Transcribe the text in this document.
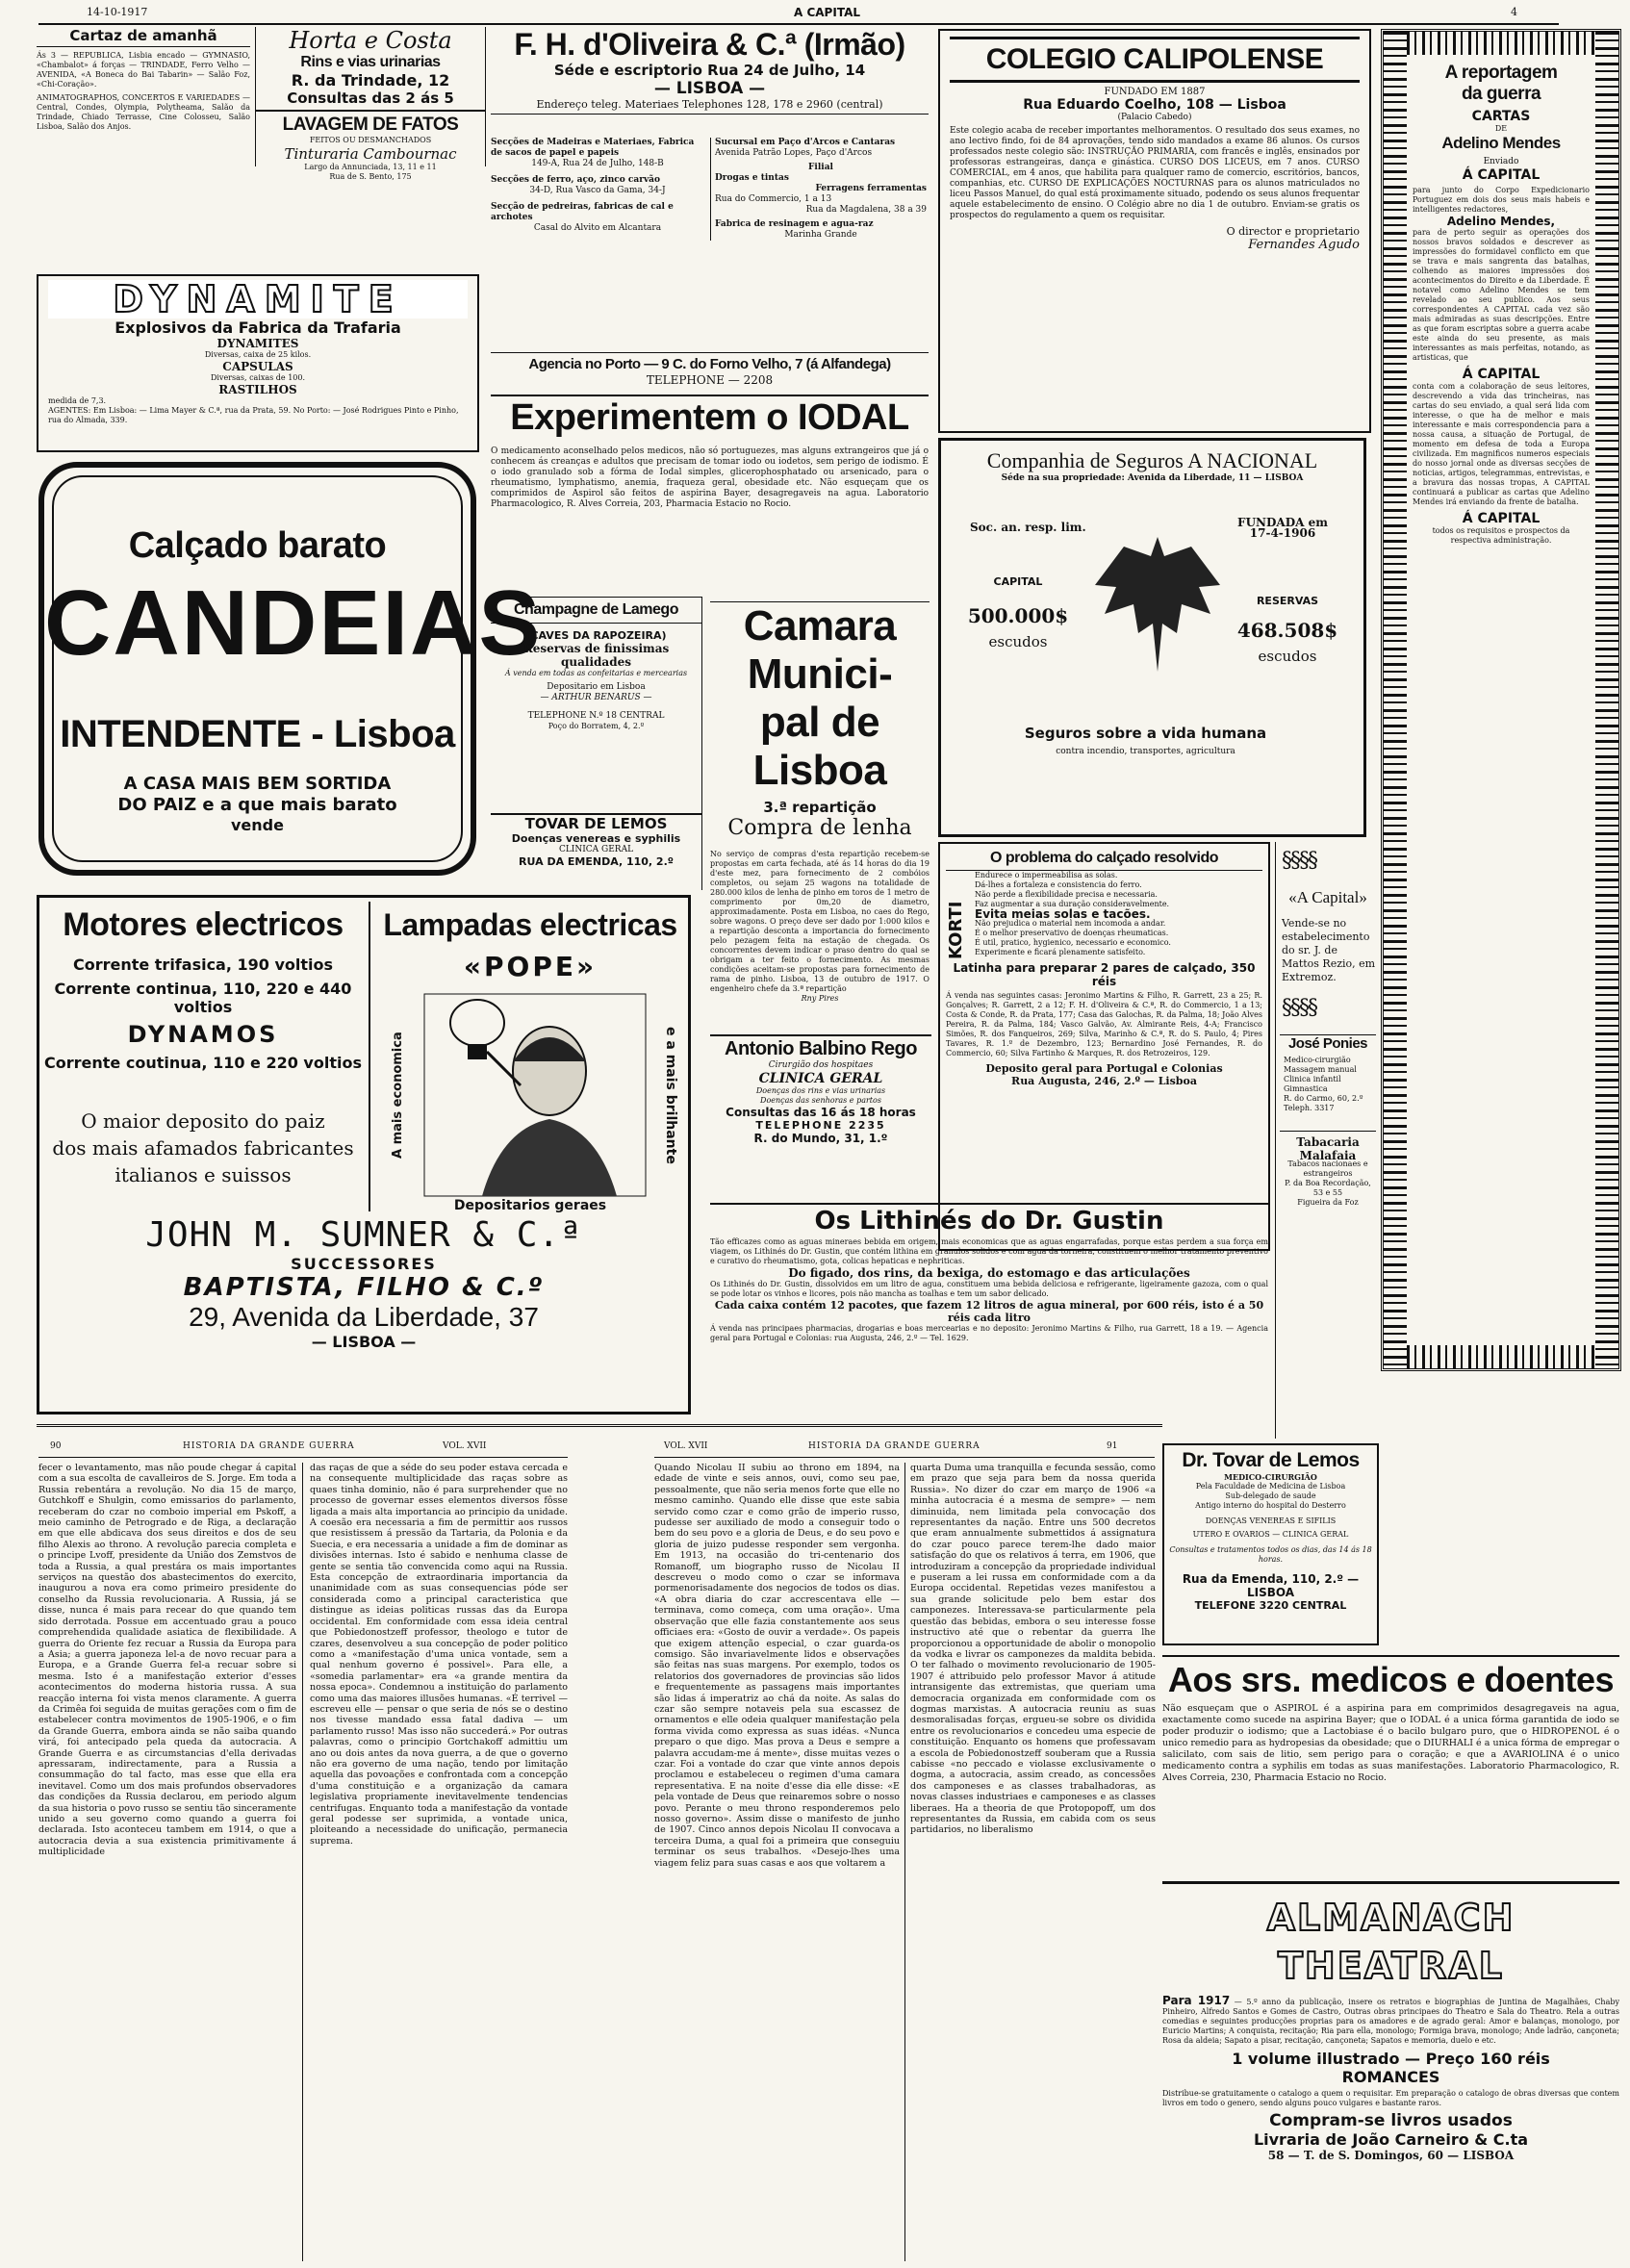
14-10-1917	A CAPITAL	4
Cartaz de amanhã

Ás 3 — REPUBLICA, Lisbia encado — GYMNASIO, «Chambalot» á forças — TRINDADE, Ferro Velho — AVENIDA, «A Boneca do Bai Tabarin» — Salão Foz, «Chi-Coração».

ANIMATOGRAPHOS, CONCERTOS E VARIEDADES — Central, Condes, Olympia, Polytheama, Salão da Trindade, Chiado Terrasse, Cine Colosseu, Salão Lisboa, Salão dos Anjos.

Horta e Costa
Rins e vias urinarias
R. da Trindade, 12
Consultas das 2 ás 5
LAVAGEM DE FATOS
FEITOS OU DESMANCHADOS
Tinturaria Cambournac
Largo da Annunciada, 13, 11 e 11
Rua de S. Bento, 175
F. H. d'Oliveira & C.ª (Irmão)
Séde e escriptorio Rua 24 de Julho, 14
— LISBOA —
Endereço teleg. Materiaes Telephones 128, 178 e 2960 (central)

Secções de Madeiras e Materiaes, Fabrica de sacos de papel e papeis

149-A, Rua 24 de Julho, 148-B

Secções de ferro, aço, zinco carvão

34-D, Rua Vasco da Gama, 34-J

Secção de pedreiras, fabricas de cal e archotes

Casal do Alvito em Alcantara

Sucursal em Paço d'Arcos e Cantaras

Avenida Patrão Lopes, Paço d'Arcos

Filial

Drogas e tintas

Ferragens ferramentas

Rua do Commercio, 1 a 13

Rua da Magdalena, 38 a 39

Fabrica de resinagem e agua-raz

Marinha Grande

Agencia no Porto — 9 C. do Forno Velho, 7 (á Alfandega)
TELEPHONE — 2208
Experimentem o IODAL

O medicamento aconselhado pelos medicos, não só portuguezes, mas alguns extrangeiros que já o conhecem ás creanças e adultos que precisam de tomar iodo ou iodetos, sem perigo de iodismo. É o iodo granulado sob a fórma de Iodal simples, glicerophosphatado ou arsenicado, para o rheumatismo, lymphatismo, anemia, fraqueza geral, obesidade etc. Não esqueçam que os comprimidos de Aspirol são feitos de aspirina Bayer, desagregaveis na agua. Laboratorio Pharmacologico, R. Alves Correia, 203, Pharmacia Estacio no Rocio.

COLEGIO CALIPOLENSE
FUNDADO EM 1887
Rua Eduardo Coelho, 108 — Lisboa
(Palacio Cabedo)

Este colegio acaba de receber importantes melhoramentos. O resultado dos seus exames, no ano lectivo findo, foi de 84 aprovações, tendo sido mandados a exame 86 alunos. Os cursos professados neste colegio são: INSTRUÇÃO PRIMARIA, com francês e inglês, ensinados por professoras estrangeiras, dança e ginástica. CURSO DOS LICEUS, em 7 anos. CURSO COMERCIAL, em 4 anos, que habilita para qualquer ramo de comercio, escritórios, bancos, companhias, etc. CURSO DE EXPLICAÇÕES NOCTURNAS para os alunos matriculados no liceu Passos Manuel, do qual está proximamente situado, podendo os seus alunos frequentar aquele estabelecimento de ensino. O Colégio abre no dia 1 de outubro. Enviam-se gratis os prospectos do regulamento a quem os requisitar.

O director e proprietario
Fernandes Agudo
DYNAMITE
Explosivos da Fabrica da Trafaria
DYNAMITES
Diversas, caixa de 25 kilos.
CAPSULAS
Diversas, caixas de 100.
RASTILHOS
medida de 7,3.
AGENTES: Em Lisboa: — Lima Mayer & C.ª, rua da Prata, 59. No Porto: — José Rodrigues Pinto e Pinho, rua do Almada, 339.
Calçado barato
CANDEIAS
INTENDENTE - Lisboa
A CASA MAIS BEM SORTIDA
DO PAIZ e a que mais barato
vende
Champagne de Lamego
(CAVES DA RAPOZEIRA)
Reservas de finissimas qualidades
Á venda em todas as confeitarias e mercearias
Depositario em Lisboa
— ARTHUR BENARUS —
TELEPHONE N.º 18 CENTRAL
Poço do Borratem, 4, 2.º
TOVAR DE LEMOS
Doenças venereas e syphilis
CLINICA GERAL
RUA DA EMENDA, 110, 2.º
Camara Munici-
pal de Lisboa
3.ª repartição
Compra de lenha

No serviço de compras d'esta repartição recebem-se propostas em carta fechada, até ás 14 horas do dia 19 d'este mez, para fornecimento de 2 combóios completos, ou sejam 25 wagons na totalidade de 280.000 kilos de lenha de pinho em toros de 1 metro de comprimento por 0m,20 de diametro, approximadamente. Posta em Lisboa, no caes do Rego, sobre wagons. O preço deve ser dado por 1:000 kilos e a repartição desconta a importancia do fornecimento pelo pezagem feita na estação de chegada. Os concorrentes devem indicar o praso dentro do qual se obrigam a ter feito o fornecimento. As mesmas condições aceitam-se propostas para fornecimento de rama de pinho. Lisboa, 13 de outubro de 1917. O engenheiro chefe da 3.ª repartição

Rny Pires
Companhia de Seguros A NACIONAL
Séde na sua propriedade: Avenida da Liberdade, 11 — LISBOA
Soc. an. resp. lim.	FUNDADA em 17-4-1906
CAPITAL
500.000$
escudos
RESERVAS
468.508$
escudos
Seguros sobre a vida humana
contra incendio, transportes, agricultura
O problema do calçado resolvido
KORTI
Endurece o impermeabilisa as solas.
Dá-lhes a fortaleza e consistencia do ferro.
Não perde a flexibilidade precisa e necessaria.
Faz augmentar a sua duração consideravelmente.
Evita meias solas e tacões.
Não prejudica o material nem incomoda a andar.
É o melhor preservativo de doenças rheumaticas.
É util, pratico, hygienico, necessario e economico.
Experimente e ficará plenamente satisfeito.
Latinha para preparar 2 pares de calçado, 350 réis

Á venda nas seguintes casas: Jeronimo Martins & Filho, R. Garrett, 23 a 25; R. Gonçalves; R. Garrett, 2 a 12; F. H. d'Oliveira & C.ª, R. do Commercio, 1 a 13; Costa & Conde, R. da Prata, 177; Casa das Galochas, R. da Palma, 18; João Alves Pereira, R. da Palma, 184; Vasco Galvão, Av. Almirante Reis, 4-A; Francisco Simões, R. dos Fanqueiros, 269; Silva, Marinho & C.ª, R. do S. Paulo, 4; Pires Tavares, R. 1.º de Dezembro, 123; Bernardino José Fernandes, R. do Commercio, 60; Silva Fartinho & Marques, R. dos Retrozeiros, 129.

Deposito geral para Portugal e Colonias
Rua Augusta, 246, 2.º — Lisboa
§§§§
«A Capital»
Vende-se no estabelecimento do sr. J. de Mattos Rezio, em Extremoz.
§§§§
José Ponies
Medico-cirurgião
Massagem manual
Clinica infantil
Gimnastica
R. do Carmo, 60, 2.º
Teleph. 3317
Tabacaria Malafaia
Tabacos nacionaes e estrangeiros
P. da Boa Recordação, 53 e 55
Figueira da Foz
A reportagem
da guerra
CARTAS
DE
Adelino Mendes
Enviado
Á CAPITAL

para junto do Corpo Expedicionario Portuguez em dois dos seus mais habeis e intelligentes redactores,

Adelino Mendes,

para de perto seguir as operações dos nossos bravos soldados e descrever as impressões do formidavel conflicto em que se trava e mais sangrenta das batalhas, colhendo as maiores impressões dos acontecimentos do Direito e da Liberdade. É notavel como Adelino Mendes se tem revelado ao seu publico. Aos seus correspondentes A CAPITAL cada vez são mais admiradas as suas descripções. Entre as que foram escriptas sobre a guerra acabe este ainda do seu presente, as mais interessantes as mais perfeitas, notando, as artisticas, que

Á CAPITAL

conta com a colaboração de seus leitores, descrevendo a vida das trincheiras, nas cartas do seu enviado, a qual será lida com interesse, o que ha de melhor e mais interessante e mais correspondencia para a nossa causa, a situação de Portugal, de momento em defesa de toda a Europa civilizada. Em magnificos numeros especiais do nosso jornal onde as diversas secções de noticias, artigos, telegrammas, entrevistas, e a bravura das nossas tropas, A CAPITAL continuará a publicar as cartas que Adelino Mendes irá enviando da frente de batalha.

Á CAPITAL

todos os requisitos e prospectos da respectiva administração.

Motores electricos
Corrente trifasica, 190 voltios
Corrente continua, 110, 220 e 440 voltios
DYNAMOS
Corrente coutinua, 110 e 220 voltios
O maior deposito do paiz
dos mais afamados fabricantes
italianos e suissos
Lampadas electricas
«POPE»
A mais economica	e a mais brilhante
Depositarios geraes
JOHN M. SUMNER & C.ª
SUCCESSORES
BAPTISTA, FILHO & C.º
29, Avenida da Liberdade, 37
— LISBOA —
Antonio Balbino Rego
Cirurgião dos hospitaes
CLINICA GERAL
Doenças dos rins e vias urinarias
Doenças das senhoras e partos
Consultas das 16 ás 18 horas
TELEPHONE 2235
R. do Mundo, 31, 1.º
Os Lithinés do Dr. Gustin

Tão efficazes como as aguas mineraes bebida em origem, mais economicas que as aguas engarrafadas, porque estas perdem a sua força em viagem, os Lithinés do Dr. Gustin, que contém lithina em granulos solidos e com agua da torneira, constituem o melhor tratamento preventivo e curativo do rheumatismo, gota, colicas hepaticas e nephriticas.

Do figado, dos rins, da bexiga, do estomago e das articulações

Os Lithinés do Dr. Gustin, dissolvidos em um litro de agua, constituem uma bebida deliciosa e refrigerante, ligeiramente gazoza, com o qual se pode lotar os vinhos e licores, pois não mancha as toalhas e tem um sabor delicado.

Cada caixa contém 12 pacotes, que fazem 12 litros de agua mineral, por 600 réis, isto é a 50 réis cada litro

Á venda nas principaes pharmacias, drogarias e boas mercearias e no deposito: Jeronimo Martins & Filho, rua Garrett, 18 a 19. — Agencia geral para Portugal e Colonias: rua Augusta, 246, 2.º — Tel. 1629.

90	HISTORIA DA GRANDE GUERRA	VOL. XVII

fecer o levantamento, mas não poude chegar á capital com a sua escolta de cavalleiros de S. Jorge. Em toda a Russia rebentára a revolução. No dia 15 de março, Gutchkoff e Shulgin, como emissarios do parlamento, receberam do czar no comboio imperial em Pskoff, a meio caminho de Petrogrado e de Riga, a declaração em que elle abdicava dos seus direitos e dos de seu filho Alexis ao throno. A revolução parecia completa e o principe Lvoff, presidente da União dos Zemstvos de toda a Russia, a qual prestára os mais importantes serviços na questão dos abastecimentos do exercito, inaugurou a nova era como primeiro presidente do conselho da Russia revolucionaria. A Russia, já se disse, nunca é mais para recear do que quando tem sido derrotada. Possue em accentuado grau a pouco comprehendida qualidade asiatica de flexibilidade. A guerra do Oriente fez recuar a Russia da Europa para a Asia; a guerra japoneza lel-a de novo recuar para a Europa, e a Grande Guerra fel-a recuar sobre si mesma. Isto é a manifestação exterior d'esses acontecimentos do moderna historia russa. A sua reacção interna foi vista menos claramente. A guerra da Crimêa foi seguida de muitas gerações com o fim de estabelecer contra movimentos de 1905-1906, e o fim da Grande Guerra, embora ainda se não saiba quando virá, foi antecipado pela queda da autocracia. A Grande Guerra e as circumstancias d'ella derivadas apressaram, indirectamente, para a Russia a consummação do tal facto, mas esse que ella era inevitavel. Como um dos mais profundos observadores das condições da Russia declarou, em periodo algum da sua historia o povo russo se sentiu tão sinceramente unido a seu governo como quando a guerra foi declarada. Isto aconteceu tambem em 1914, o que a autocracia devia a sua existencia primitivamente á multiplicidade

das raças de que a séde do seu poder estava cercada e na consequente multiplicidade das raças sobre as quaes tinha dominio, não é para surprehender que no processo de governar esses elementos diversos fôsse ligada a mais alta importancia ao principio da unidade. A coesão era necessaria a fim de permittir aos russos que resistissem á pressão da Tartaria, da Polonia e da Suecia, e era necessaria a unidade a fim de dominar as divisões internas. Isto é sabido e nenhuma classe de gente se sentia tão convencida como aqui na Russia. Esta concepção de extraordinaria importancia da unanimidade com as suas consequencias póde ser considerada como a principal caracteristica que distingue as ideias politicas russas das da Europa occidental. Em conformidade com essa ideia central que Pobiedonostzeff professor, theologo e tutor de czares, desenvolveu a sua concepção de poder politico como a «manifestação d'uma unica vontade, sem a qual nenhum governo é possivel». Para elle, a «somedia parlamentar» era «a grande mentira da nossa epoca». Condemnou a instituição do parlamento como uma das maiores illusões humanas. «É terrivel — escreveu elle — pensar o que seria de nós se o destino nos tivesse mandado essa fatal dadiva — um parlamento russo! Mas isso não succederá.» Por outras palavras, como o principio Gortchakoff admittiu um ano ou dois antes da nova guerra, a de que o governo não era governo de uma nação, tendo por limitação aquella das povoações e confrontada com a concepção d'uma constituição e a organização da camara legislativa propriamente inevitavelmente tendencias centrifugas. Enquanto toda a manifestação da vontade geral podesse ser suprimida, a vontade unica, ploiteando a necessidade do unificação, permanecia suprema.

VOL. XVII	HISTORIA DA GRANDE GUERRA	91

Quando Nicolau II subiu ao throno em 1894, na edade de vinte e seis annos, ouvi, como seu pae, pessoalmente, que não seria menos forte que elle no mesmo caminho. Quando elle disse que este sabia servido como czar e como grão de imperio russo, pudesse ser auxiliado de modo a conseguir todo o bem do seu povo e a gloria de Deus, e do seu povo e gloria de juizo pudesse responder sem vergonha. Em 1913, na occasião do tri-centenario dos Romanoff, um biographo russo de Nicolau II descreveu o modo como o czar se informava pormenorisadamente dos negocios de todos os dias. «A obra diaria do czar accrescentava elle — terminava, como começa, com uma oração». Uma observação que elle fazia constantemente aos seus officiaes era: «Gosto de ouvir a verdade». Os papeis que exigem attenção especial, o czar guarda-os comsigo. São invariavelmente lidos e observações são feitas nas suas margens. Por exemplo, todos os relatorios dos governadores de provincias são lidos e frequentemente as passagens mais importantes são lidas á imperatriz ao chá da noite. As salas do czar são sempre notaveis pela sua escassez de ornamentos e elle odeia qualquer manifestação pela forma vivida como expressa as suas idéas. «Nunca preparo o que digo. Mas prova a Deus e sempre a palavra accudam-me á mente», disse muitas vezes o czar. Foi a vontade do czar que vinte annos depois proclamou e estabeleceu o regimen d'uma camara representativa. E na noite d'esse dia elle disse: «E pela vontade de Deus que reinaremos sobre o nosso povo. Perante o meu throno responderemos pelo nosso governo». Assim disse o manifesto de junho de 1907. Cinco annos depois Nicolau II convocava a terceira Duma, a qual foi a primeira que conseguiu terminar os seus trabalhos. «Desejo-lhes uma viagem feliz para suas casas e aos que voltarem a

quarta Duma uma tranquilla e fecunda sessão, como em prazo que seja para bem da nossa querida Russia». No dizer do czar em março de 1906 «a minha autocracia é a mesma de sempre» — nem diminuida, nem limitada pela convocação dos representantes da nação. Entre uns 500 decretos que eram annualmente submettidos á assignatura do czar pouco parece terem-lhe dado maior satisfação do que os relativos á terra, em 1906, que introduziram a concepção da propriedade individual e puseram a lei russa em conformidade com a da Europa occidental. Repetidas vezes manifestou a sua grande solicitude pelo bem estar dos camponezes. Interessava-se particularmente pela questão das bebidas, embora o seu interesse fosse instructivo até que o rebentar da guerra lhe proporcionou a opportunidade de abolir o monopolio da vodka e livrar os camponezes da maldita bebida. O ter falhado o movimento revolucionario de 1905-1907 é attribuido pelo professor Mavor á atitude intransigente das extremistas, que queriam uma democracia organizada em conformidade com os dogmas marxistas. A autocracia reuniu as suas desmoralisadas forças, ergueu-se sobre os dividida entre os revolucionarios e concedeu uma especie de constituição. Enquanto os homens que professavam a escola de Pobiedonostzeff souberam que a Russia cabisse «no peccado e violasse exclusivamente o dogma, a autocracia, assim creado, as concessões dos camponeses e as classes trabalhadoras, as novas classes industriaes e camponeses e as classes liberaes. Ha a theoria de que Protopopoff, um dos representantes da Russia, em cabida com os seus partidarios, no liberalismo

Dr. Tovar de Lemos
MEDICO-CIRURGIÃO
Pela Faculdade de Medicina de Lisboa
Sub-delegado de saude
Antigo interno do hospital do Desterro
DOENÇAS VENEREAS E SIFILIS
UTERO E OVARIOS — CLINICA GERAL
Consultas e tratamentos todos os dias, das 14 ás 18 horas.
Rua da Emenda, 110, 2.º — LISBOA
TELEFONE 3220 CENTRAL
Aos srs. medicos e doentes

Não esqueçam que o ASPIROL é a aspirina para em comprimidos desagregaveis na agua, exactamente como sucede na aspirina Bayer; que o IODAL é a unica fórma garantida de iodo se poder produzir o iodismo; que a Lactobiase é o bacilo bulgaro puro, que o HIDROPENOL é o unico remedio para as hydropesias da obesidade; que o DIURHALI é a unica fórma de empregar o salicilato, com sais de litio, sem perigo para o coração; e que a AVARIOLINA é o unico medicamento contra a syphilis em todas as suas manifestações. Laboratorio Pharmacologico, R. Alves Correia, 230, Pharmacia Estacio no Rocio.

ALMANACH THEATRAL

Para 1917 — 5.º anno da publicação, insere os retratos e biographias de Juntina de Magalhães, Chaby Pinheiro, Alfredo Santos e Gomes de Castro, Outras obras principaes do Theatro e Sala do Theatro. Rela a outras comedias e seguintes producções proprias para os amadores e de agrado geral: Amor e balanças, monologo, por Euricio Martins; A conquista, recitação; Ria para ella, monologo; Formiga brava, monologo; Ande ladrão, cançoneta; Rosa da aldeia; Sapato a pisar, recitação, cançoneta; Sapatos e memoria, duelo e etc.

1 volume illustrado — Preço 160 réis
ROMANCES

Distribue-se gratuitamente o catalogo a quem o requisitar. Em preparação o catalogo de obras diversas que contem livros em todo o genero, sendo alguns pouco vulgares e bastante raros.

Compram-se livros usados
Livraria de João Carneiro & C.ta
58 — T. de S. Domingos, 60 — LISBOA
